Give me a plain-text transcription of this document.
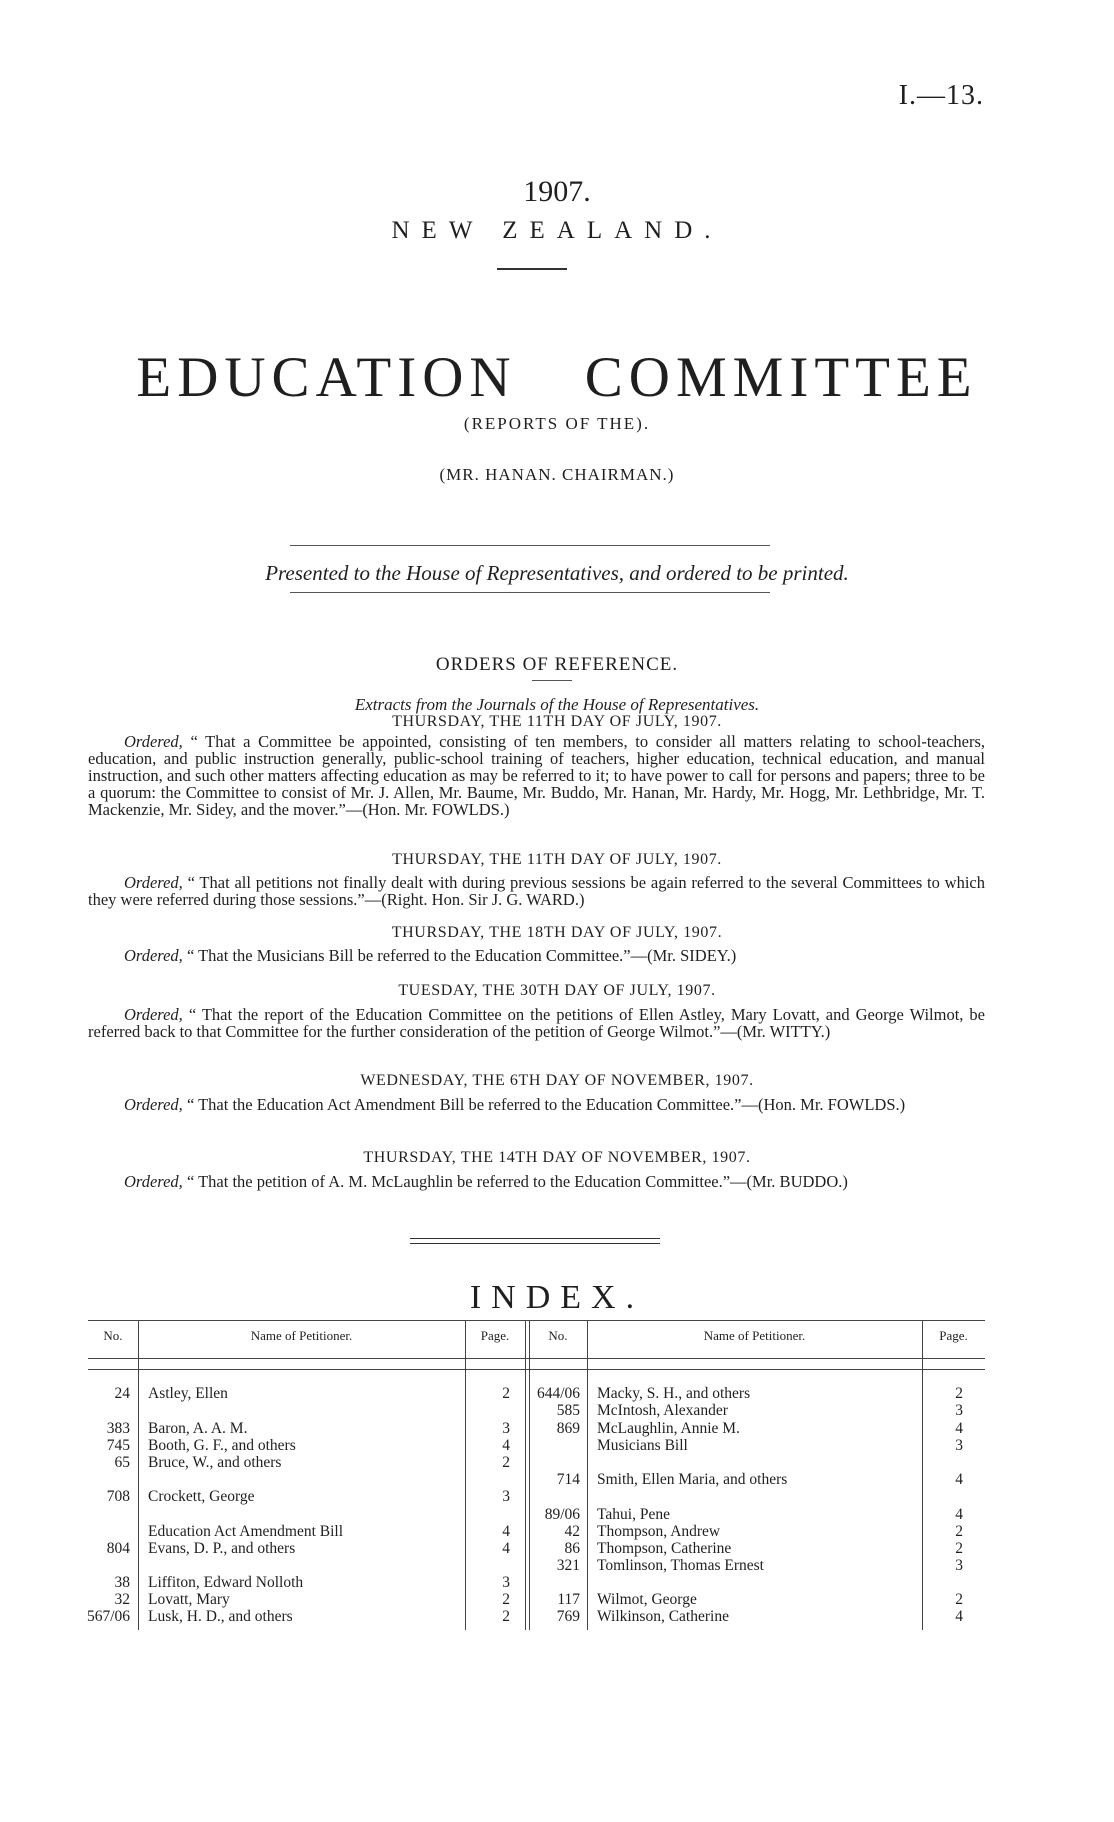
I.—13.
1907.
NEW ZEALAND.
EDUCATION COMMITTEE
(REPORTS OF THE).
(MR. HANAN. CHAIRMAN.)
Presented to the House of Representatives, and ordered to be printed.
ORDERS OF REFERENCE.
Extracts from the Journals of the House of Representatives.
THURSDAY, THE 11TH DAY OF JULY, 1907.
Ordered, “ That a Committee be appointed, consisting of ten members, to consider all matters relating to school-teachers, education, and public instruction generally, public-school training of teachers, higher education, technical education, and manual instruction, and such other matters affecting education as may be referred to it; to have power to call for persons and papers; three to be a quorum: the Committee to consist of Mr. J. Allen, Mr. Baume, Mr. Buddo, Mr. Hanan, Mr. Hardy, Mr. Hogg, Mr. Lethbridge, Mr. T. Mackenzie, Mr. Sidey, and the mover.”—(Hon. Mr. FOWLDS.)
THURSDAY, THE 11TH DAY OF JULY, 1907.
Ordered, “ That all petitions not finally dealt with during previous sessions be again referred to the several Committees to which they were referred during those sessions.”—(Right. Hon. Sir J. G. WARD.)
THURSDAY, THE 18TH DAY OF JULY, 1907.
Ordered, “ That the Musicians Bill be referred to the Education Committee.”—(Mr. SIDEY.)
TUESDAY, THE 30TH DAY OF JULY, 1907.
Ordered, “ That the report of the Education Committee on the petitions of Ellen Astley, Mary Lovatt, and George Wilmot, be referred back to that Committee for the further consideration of the petition of George Wilmot.”—(Mr. WITTY.)
WEDNESDAY, THE 6TH DAY OF NOVEMBER, 1907.
Ordered, “ That the Education Act Amendment Bill be referred to the Education Committee.”—(Hon. Mr. FOWLDS.)
THURSDAY, THE 14TH DAY OF NOVEMBER, 1907.
Ordered, “ That the petition of A. M. McLaughlin be referred to the Education Committee.”—(Mr. BUDDO.)
INDEX.
No.	Name of Petitioner.	Page.	No.	Name of Petitioner.	Page.
24 Astley, Ellen	2
383 Baron, A. A. M.	3
745 Booth, G. F., and others	4
65 Bruce, W., and others	2
708 Crockett, George	3
Education Act Amendment Bill	4
804 Evans, D. P., and others	4
38 Liffiton, Edward Nolloth	3
32 Lovatt, Mary	2
567/06 Lusk, H. D., and others	2
644/06 Macky, S. H., and others	2
585 McIntosh, Alexander	3
869 McLaughlin, Annie M.	4
Musicians Bill	3
714 Smith, Ellen Maria, and others	4
89/06 Tahui, Pene	4
42 Thompson, Andrew	2
86 Thompson, Catherine	2
321 Tomlinson, Thomas Ernest	3
117 Wilmot, George	2
769 Wilkinson, Catherine	4
